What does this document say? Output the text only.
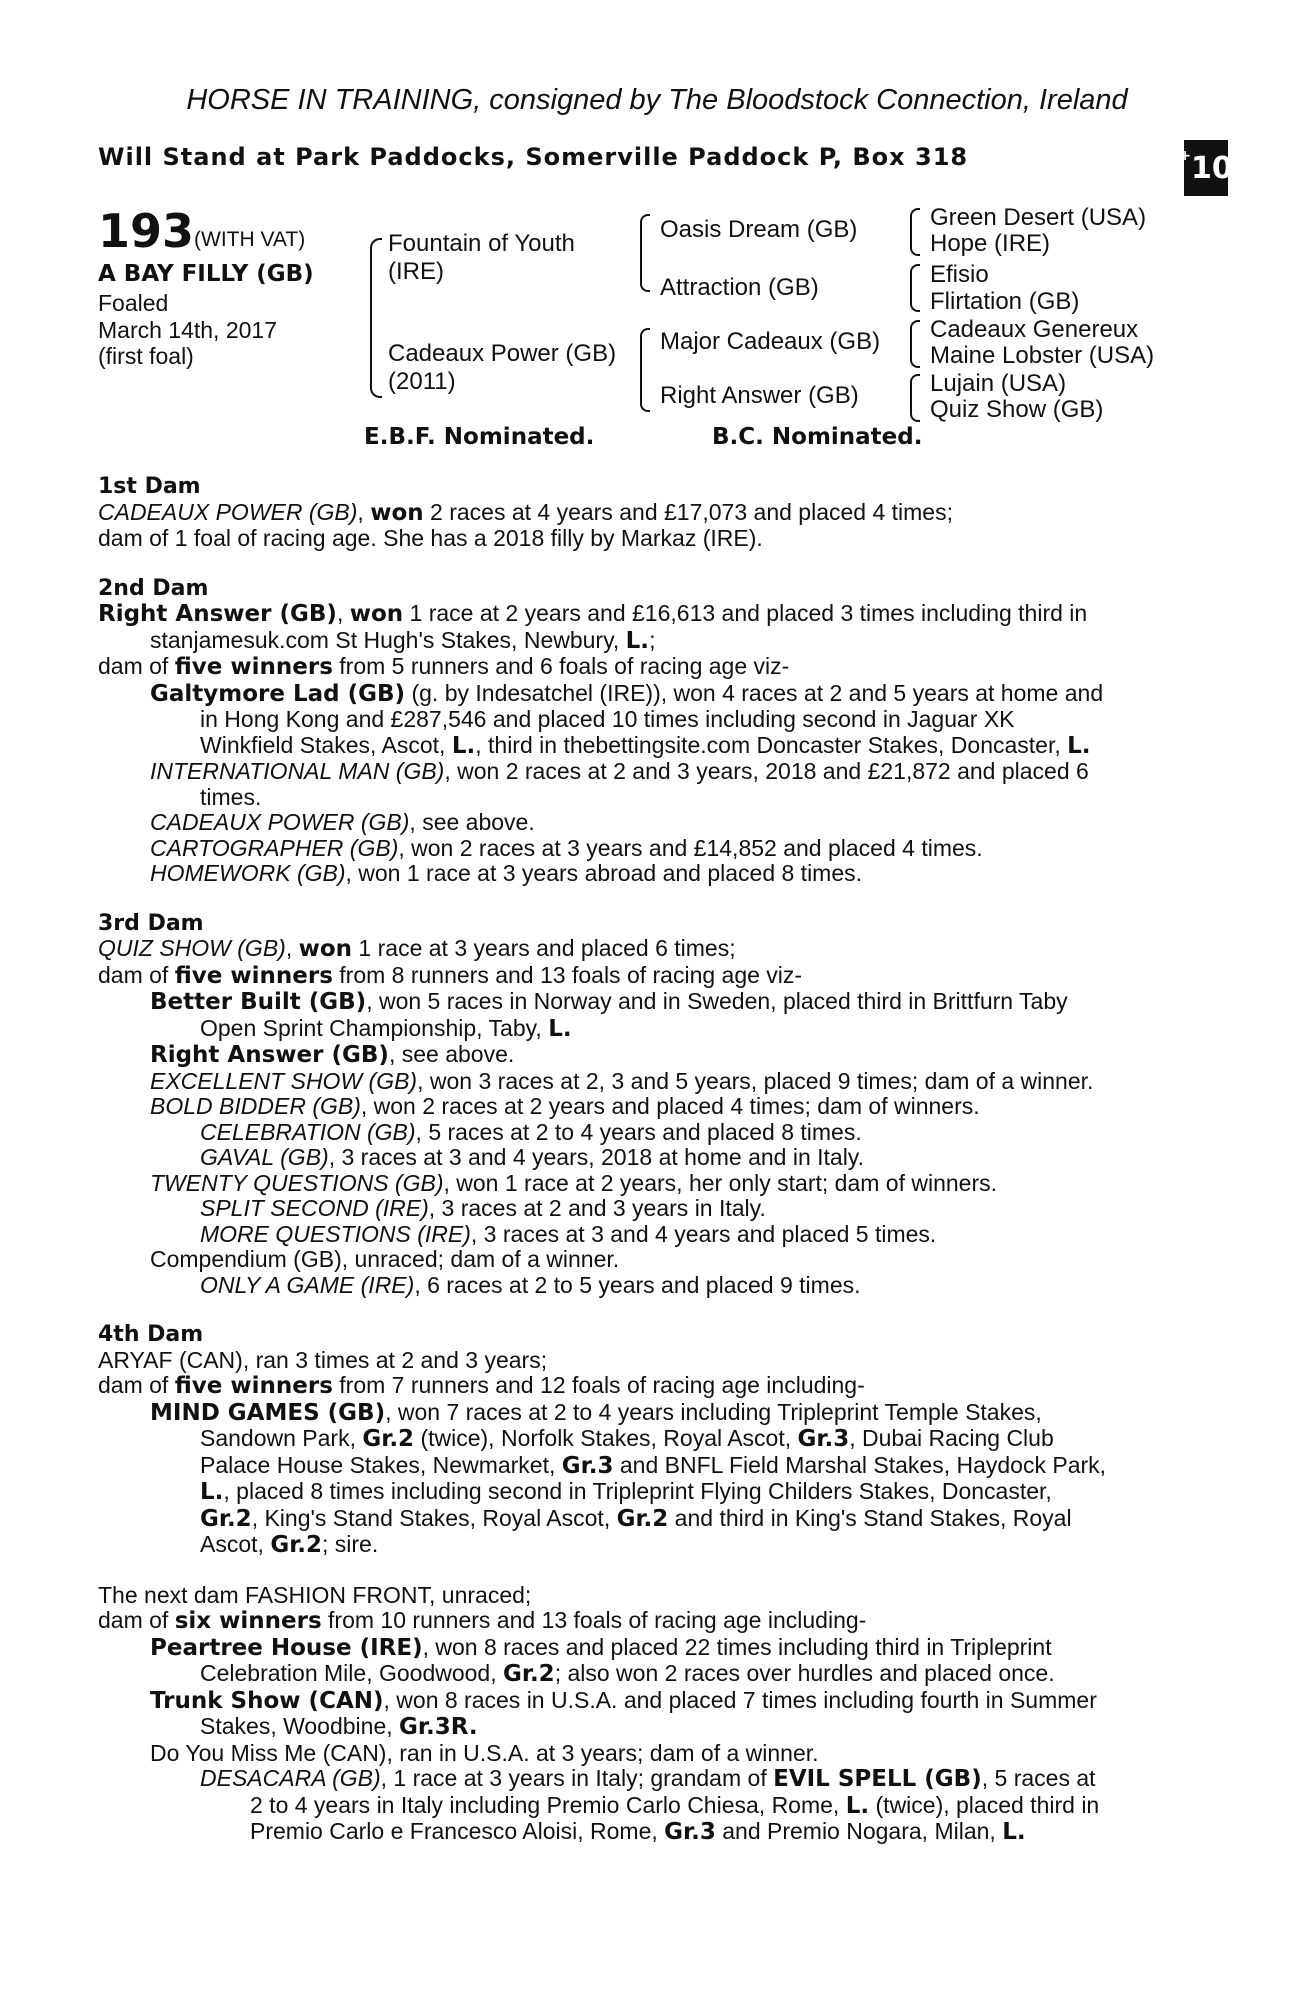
HORSE IN TRAINING, consigned by The Bloodstock Connection, Ireland
Will Stand at Park Paddocks, Somerville Paddock P, Box 318	+ 10
193 (WITH VAT)
A BAY FILLY (GB)
Foaled
March 14th, 2017
(first foal)
Fountain of Youth
(IRE)
Cadeaux Power (GB)
(2011)
Oasis Dream (GB)
Attraction (GB)
Major Cadeaux (GB)
Right Answer (GB)
Green Desert (USA)
Hope (IRE)
Efisio
Flirtation (GB)
Cadeaux Genereux
Maine Lobster (USA)
Lujain (USA)
Quiz Show (GB)
E.B.F. Nominated.	B.C. Nominated.
1st Dam
CADEAUX POWER (GB), won 2 races at 4 years and £17,073 and placed 4 times;
dam of 1 foal of racing age. She has a 2018 filly by Markaz (IRE).
2nd Dam
Right Answer (GB), won 1 race at 2 years and £16,613 and placed 3 times including third in
stanjamesuk.com St Hugh's Stakes, Newbury, L.;
dam of five winners from 5 runners and 6 foals of racing age viz-
Galtymore Lad (GB) (g. by Indesatchel (IRE)), won 4 races at 2 and 5 years at home and
in Hong Kong and £287,546 and placed 10 times including second in Jaguar XK
Winkfield Stakes, Ascot, L., third in thebettingsite.com Doncaster Stakes, Doncaster, L.
INTERNATIONAL MAN (GB), won 2 races at 2 and 3 years, 2018 and £21,872 and placed 6
times.
CADEAUX POWER (GB), see above.
CARTOGRAPHER (GB), won 2 races at 3 years and £14,852 and placed 4 times.
HOMEWORK (GB), won 1 race at 3 years abroad and placed 8 times.
3rd Dam
QUIZ SHOW (GB), won 1 race at 3 years and placed 6 times;
dam of five winners from 8 runners and 13 foals of racing age viz-
Better Built (GB), won 5 races in Norway and in Sweden, placed third in Brittfurn Taby
Open Sprint Championship, Taby, L.
Right Answer (GB), see above.
EXCELLENT SHOW (GB), won 3 races at 2, 3 and 5 years, placed 9 times; dam of a winner.
BOLD BIDDER (GB), won 2 races at 2 years and placed 4 times; dam of winners.
CELEBRATION (GB), 5 races at 2 to 4 years and placed 8 times.
GAVAL (GB), 3 races at 3 and 4 years, 2018 at home and in Italy.
TWENTY QUESTIONS (GB), won 1 race at 2 years, her only start; dam of winners.
SPLIT SECOND (IRE), 3 races at 2 and 3 years in Italy.
MORE QUESTIONS (IRE), 3 races at 3 and 4 years and placed 5 times.
Compendium (GB), unraced; dam of a winner.
ONLY A GAME (IRE), 6 races at 2 to 5 years and placed 9 times.
4th Dam
ARYAF (CAN), ran 3 times at 2 and 3 years;
dam of five winners from 7 runners and 12 foals of racing age including-
MIND GAMES (GB), won 7 races at 2 to 4 years including Tripleprint Temple Stakes,
Sandown Park, Gr.2 (twice), Norfolk Stakes, Royal Ascot, Gr.3, Dubai Racing Club
Palace House Stakes, Newmarket, Gr.3 and BNFL Field Marshal Stakes, Haydock Park,
L., placed 8 times including second in Tripleprint Flying Childers Stakes, Doncaster,
Gr.2, King's Stand Stakes, Royal Ascot, Gr.2 and third in King's Stand Stakes, Royal
Ascot, Gr.2; sire.
The next dam FASHION FRONT, unraced;
dam of six winners from 10 runners and 13 foals of racing age including-
Peartree House (IRE), won 8 races and placed 22 times including third in Tripleprint
Celebration Mile, Goodwood, Gr.2; also won 2 races over hurdles and placed once.
Trunk Show (CAN), won 8 races in U.S.A. and placed 7 times including fourth in Summer
Stakes, Woodbine, Gr.3R.
Do You Miss Me (CAN), ran in U.S.A. at 3 years; dam of a winner.
DESACARA (GB), 1 race at 3 years in Italy; grandam of EVIL SPELL (GB), 5 races at
2 to 4 years in Italy including Premio Carlo Chiesa, Rome, L. (twice), placed third in
Premio Carlo e Francesco Aloisi, Rome, Gr.3 and Premio Nogara, Milan, L.
